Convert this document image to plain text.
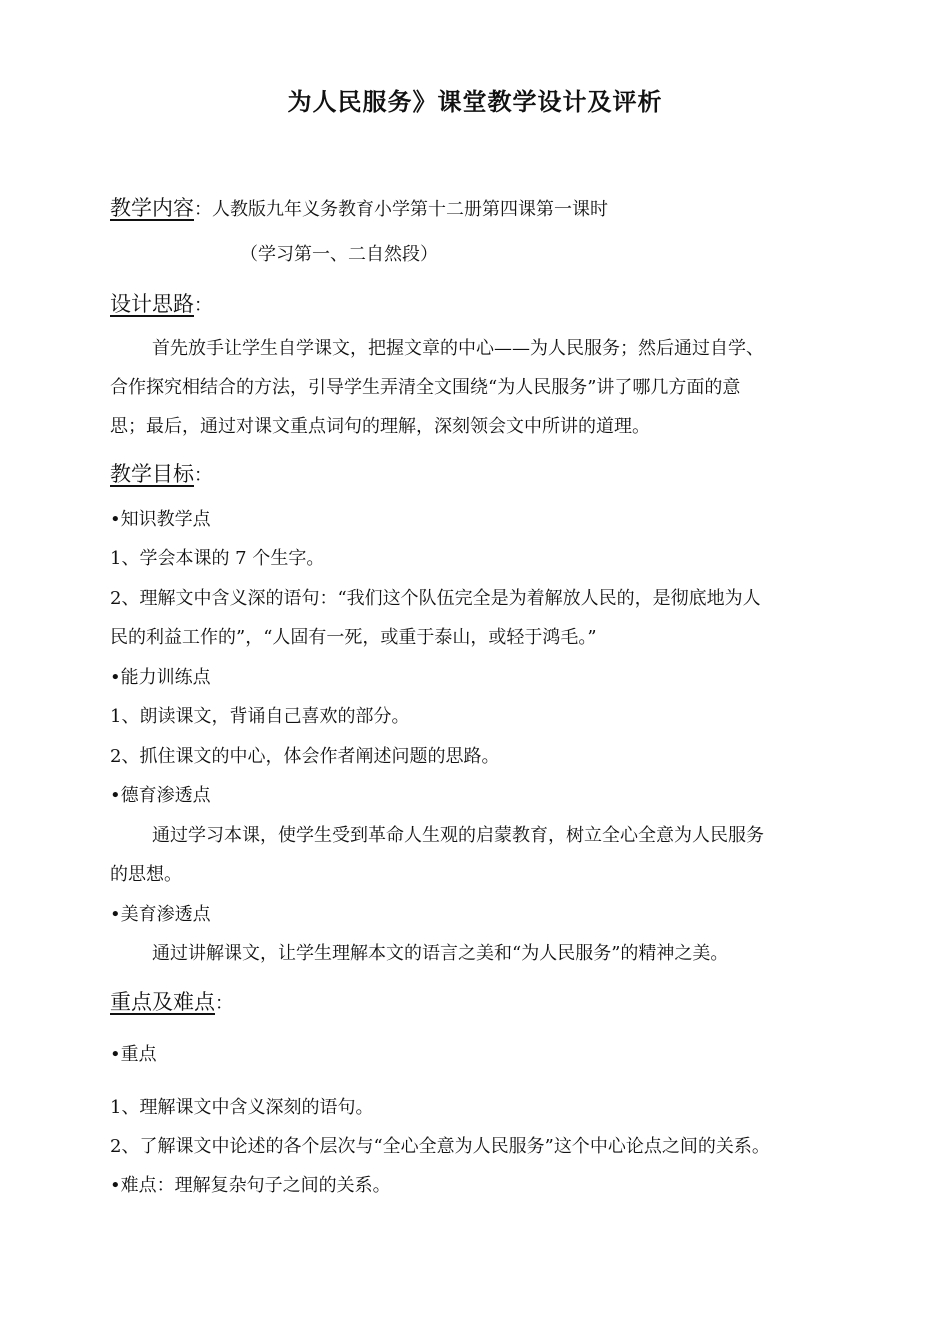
为人民服务》课堂教学设计及评析
教学内容：人教版九年义务教育小学第十二册第四课第一课时
（学习第一、二自然段）
设计思路：
首先放手让学生自学课文，把握文章的中心——为人民服务；然后通过自学、
合作探究相结合的方法，引导学生弄清全文围绕“为人民服务”讲了哪几方面的意
思；最后，通过对课文重点词句的理解，深刻领会文中所讲的道理。
教学目标：
•知识教学点
1、学会本课的 7 个生字。
2、理解文中含义深的语句：“我们这个队伍完全是为着解放人民的，是彻底地为人
民的利益工作的”，“人固有一死，或重于泰山，或轻于鸿毛。”
•能力训练点
1、朗读课文，背诵自己喜欢的部分。
2、抓住课文的中心，体会作者阐述问题的思路。
•德育渗透点
通过学习本课，使学生受到革命人生观的启蒙教育，树立全心全意为人民服务
的思想。
•美育渗透点
通过讲解课文，让学生理解本文的语言之美和“为人民服务”的精神之美。
重点及难点：
•重点
1、理解课文中含义深刻的语句。
2、了解课文中论述的各个层次与“全心全意为人民服务”这个中心论点之间的关系。
•难点：理解复杂句子之间的关系。
